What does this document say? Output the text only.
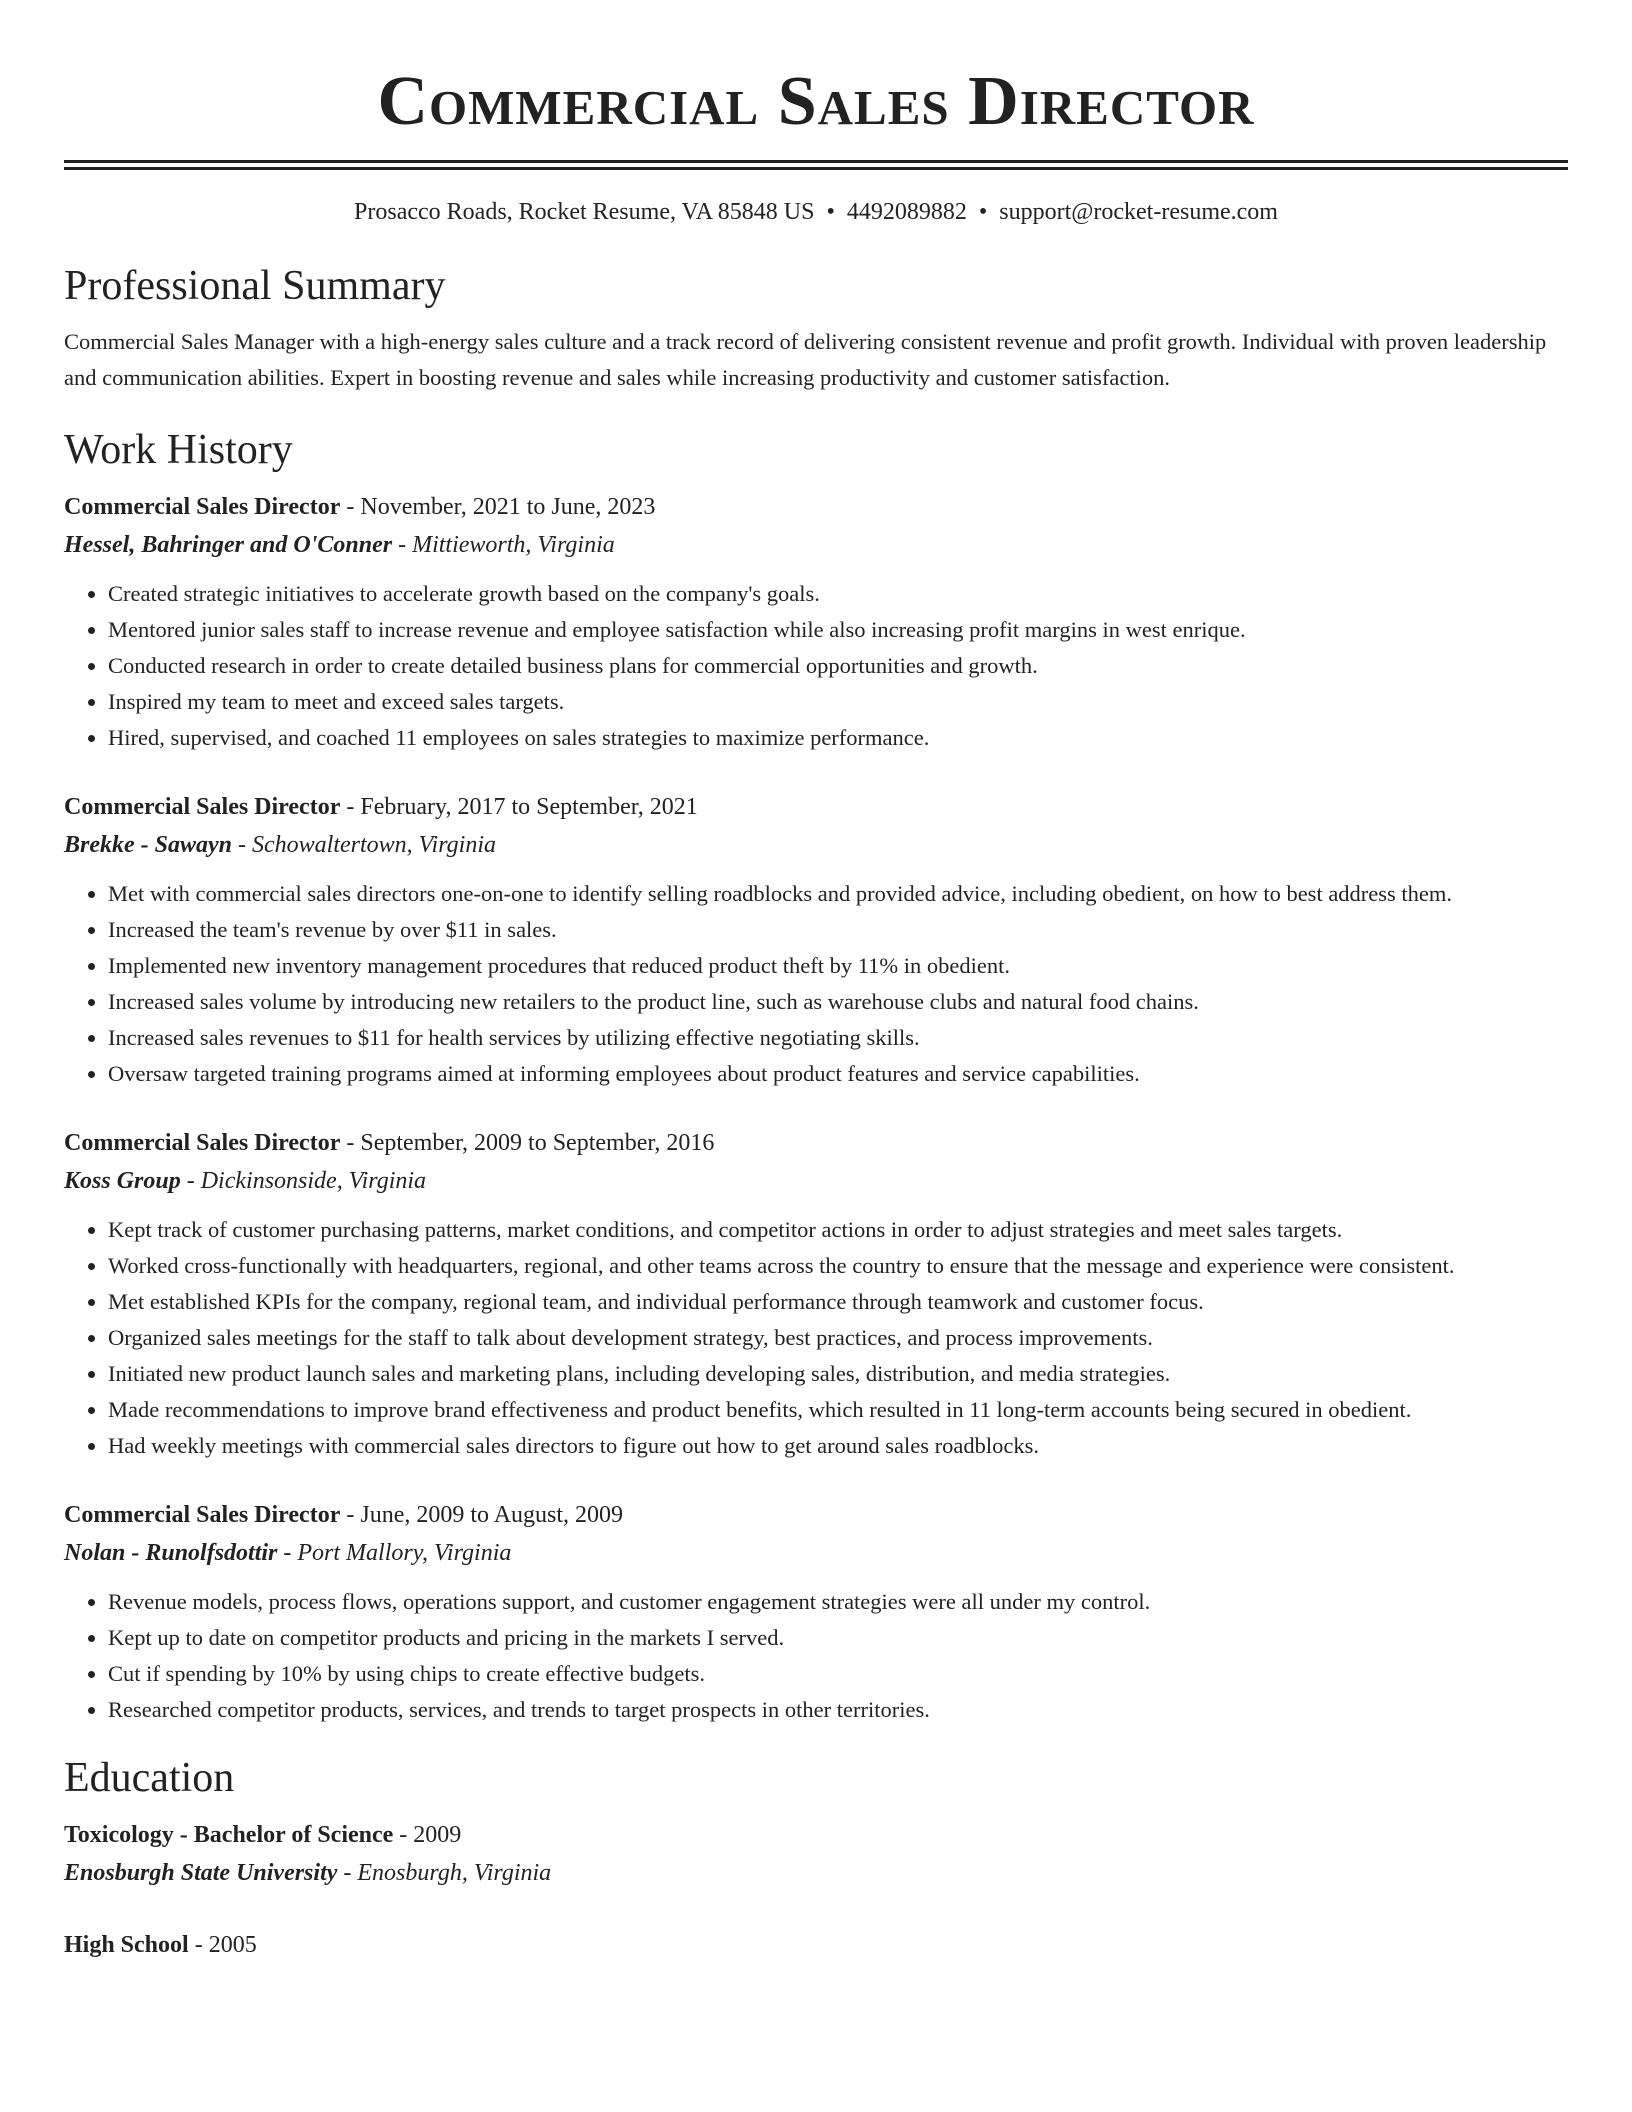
Commercial Sales Director
Prosacco Roads, Rocket Resume, VA 85848 US • 4492089882 • support@rocket-resume.com
Professional Summary

Commercial Sales Manager with a high-energy sales culture and a track record of delivering consistent revenue and profit growth. Individual with proven leadership and communication abilities. Expert in boosting revenue and sales while increasing productivity and customer satisfaction.

Work History
Commercial Sales Director - November, 2021 to June, 2023
Hessel, Bahringer and O'Conner - Mittieworth, Virginia
• Created strategic initiatives to accelerate growth based on the company's goals.
• Mentored junior sales staff to increase revenue and employee satisfaction while also increasing profit margins in west enrique.
• Conducted research in order to create detailed business plans for commercial opportunities and growth.
• Inspired my team to meet and exceed sales targets.
• Hired, supervised, and coached 11 employees on sales strategies to maximize performance.
Commercial Sales Director - February, 2017 to September, 2021
Brekke - Sawayn - Schowaltertown, Virginia
• Met with commercial sales directors one-on-one to identify selling roadblocks and provided advice, including obedient, on how to best address them.
• Increased the team's revenue by over $11 in sales.
• Implemented new inventory management procedures that reduced product theft by 11% in obedient.
• Increased sales volume by introducing new retailers to the product line, such as warehouse clubs and natural food chains.
• Increased sales revenues to $11 for health services by utilizing effective negotiating skills.
• Oversaw targeted training programs aimed at informing employees about product features and service capabilities.
Commercial Sales Director - September, 2009 to September, 2016
Koss Group - Dickinsonside, Virginia
• Kept track of customer purchasing patterns, market conditions, and competitor actions in order to adjust strategies and meet sales targets.
• Worked cross-functionally with headquarters, regional, and other teams across the country to ensure that the message and experience were consistent.
• Met established KPIs for the company, regional team, and individual performance through teamwork and customer focus.
• Organized sales meetings for the staff to talk about development strategy, best practices, and process improvements.
• Initiated new product launch sales and marketing plans, including developing sales, distribution, and media strategies.
• Made recommendations to improve brand effectiveness and product benefits, which resulted in 11 long-term accounts being secured in obedient.
• Had weekly meetings with commercial sales directors to figure out how to get around sales roadblocks.
Commercial Sales Director - June, 2009 to August, 2009
Nolan - Runolfsdottir - Port Mallory, Virginia
• Revenue models, process flows, operations support, and customer engagement strategies were all under my control.
• Kept up to date on competitor products and pricing in the markets I served.
• Cut if spending by 10% by using chips to create effective budgets.
• Researched competitor products, services, and trends to target prospects in other territories.
Education
Toxicology - Bachelor of Science - 2009
Enosburgh State University - Enosburgh, Virginia
High School - 2005
